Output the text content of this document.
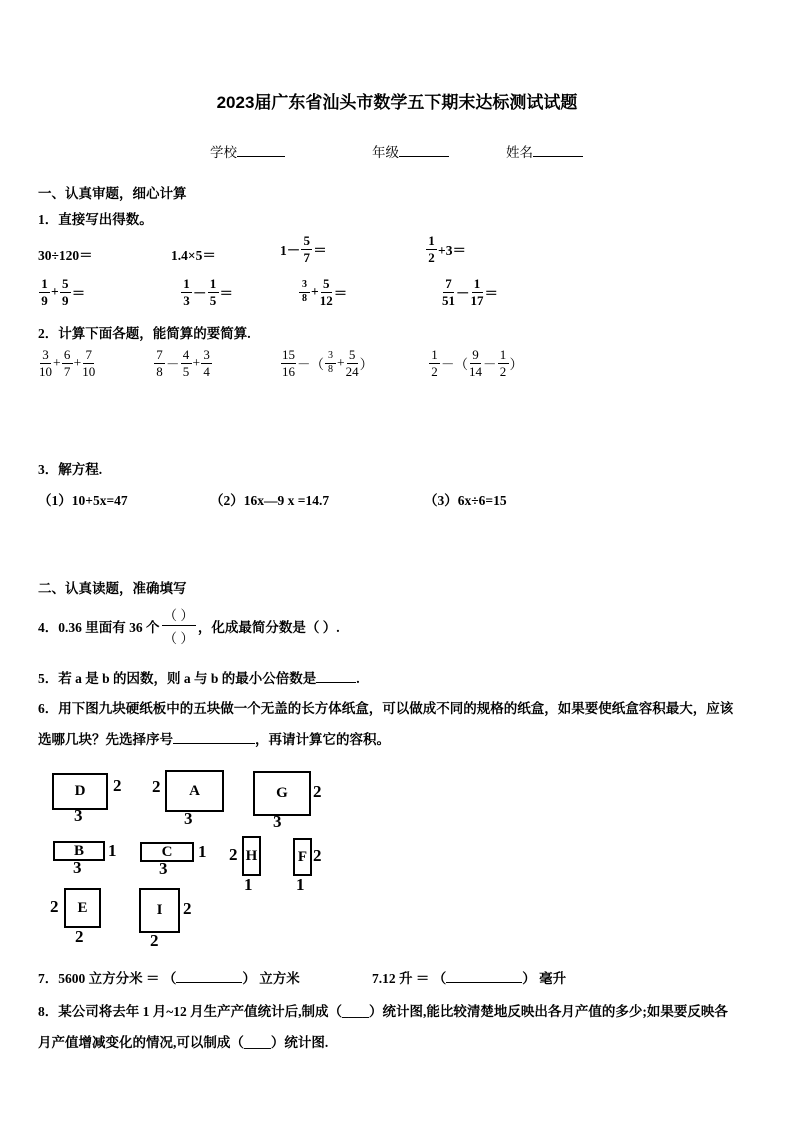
2023届广东省汕头市数学五下期末达标测试试题
学校	年级	姓名
一、认真审题，细心计算
1．直接写出得数。
30÷120＝	1.4×5＝	$1- \frac{5}{7}$ ＝	$\frac{1}{2} +3=$
$\frac{1}{9} + \frac{5}{9}$ ＝	$\frac{1}{3} - \frac{1}{5}$ ＝	$\frac{3}{8} + \frac{5}{12}$ ＝	$\frac{7}{51} - \frac{1}{17}$ ＝
2．计算下面各题，能简算的要简算.
$\frac{3}{10} + \frac{6}{7} + \frac{7}{10}$	$\frac{7}{8} - \frac{4}{5} + \frac{3}{4}$	$\frac{15}{16}$ －（ $\frac{3}{8} + \frac{5}{24}$ ）	$\frac{1}{2}$ －（ $\frac{9}{14} - \frac{1}{2}$ ）
3．解方程.
（1）10+5x=47	（2）16x—9 x =14.7	（3）6x÷6=15
二、认真读题，准确填写
4．0.36 里面有 36 个
（ ）
（ ）
，化成最简分数是（ ）.
5．若 a 是 b 的因数，则 a 与 b 的最小公倍数是	.
6．用下图九块硬纸板中的五块做一个无盖的长方体纸盒，可以做成不同的规格的纸盒，如果要使纸盒容积最大，应该
选哪几块？先选择序号	，再请计算它的容积。
D 2
3
A
2
3
G 2
3
B 1
3
C 1
3
H
2
1
F 2
1
E
2
2
I 2
2
7．5600 立方分米 ＝ （	） 立方米	7.12 升 ＝ （	） 毫升
8．某公司将去年 1 月~12 月生产产值统计后,制成（____）统计图,能比较清楚地反映出各月产值的多少;如果要反映各
月产值增减变化的情况,可以制成（____）统计图.
